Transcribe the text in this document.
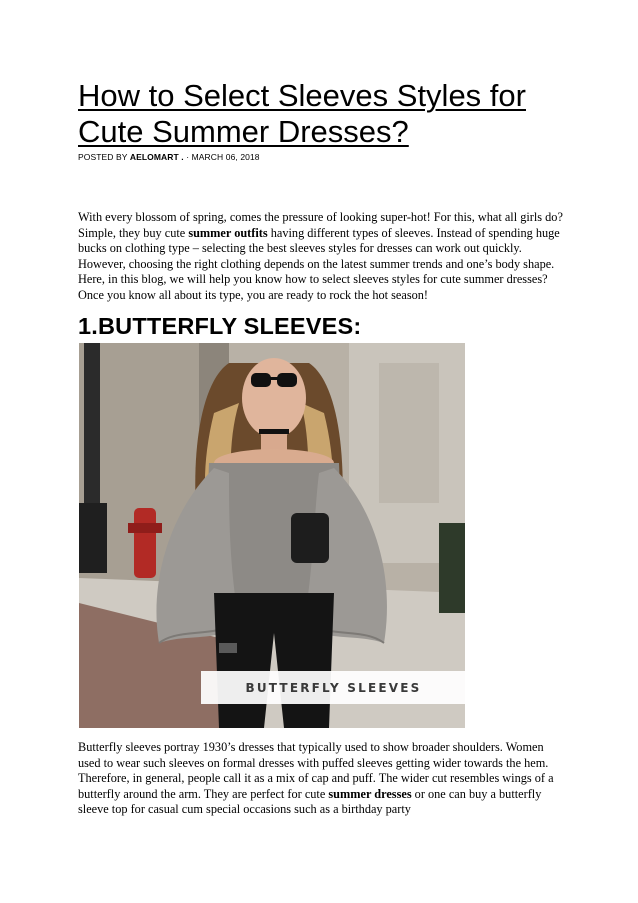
How to Select Sleeves Styles for Cute Summer Dresses?
POSTED BY AELOMART . · MARCH 06, 2018

With every blossom of spring, comes the pressure of looking super-hot! For this, what all girls do? Simple, they buy cute summer outfits having different types of sleeves. Instead of spending huge bucks on clothing type – selecting the best sleeves styles for dresses can work out quickly. However, choosing the right clothing depends on the latest summer trends and one’s body shape. Here, in this blog, we will help you know how to select sleeves styles for cute summer dresses? Once you know all about its type, you are ready to rock the hot season!

1.BUTTERFLY SLEEVES:
BUTTERFLY SLEEVES

Butterfly sleeves portray 1930’s dresses that typically used to show broader shoulders. Women used to wear such sleeves on formal dresses with puffed sleeves getting wider towards the hem. Therefore, in general, people call it as a mix of cap and puff. The wider cut resembles wings of a butterfly around the arm. They are perfect for cute summer dresses or one can buy a butterfly sleeve top for casual cum special occasions such as a birthday party
